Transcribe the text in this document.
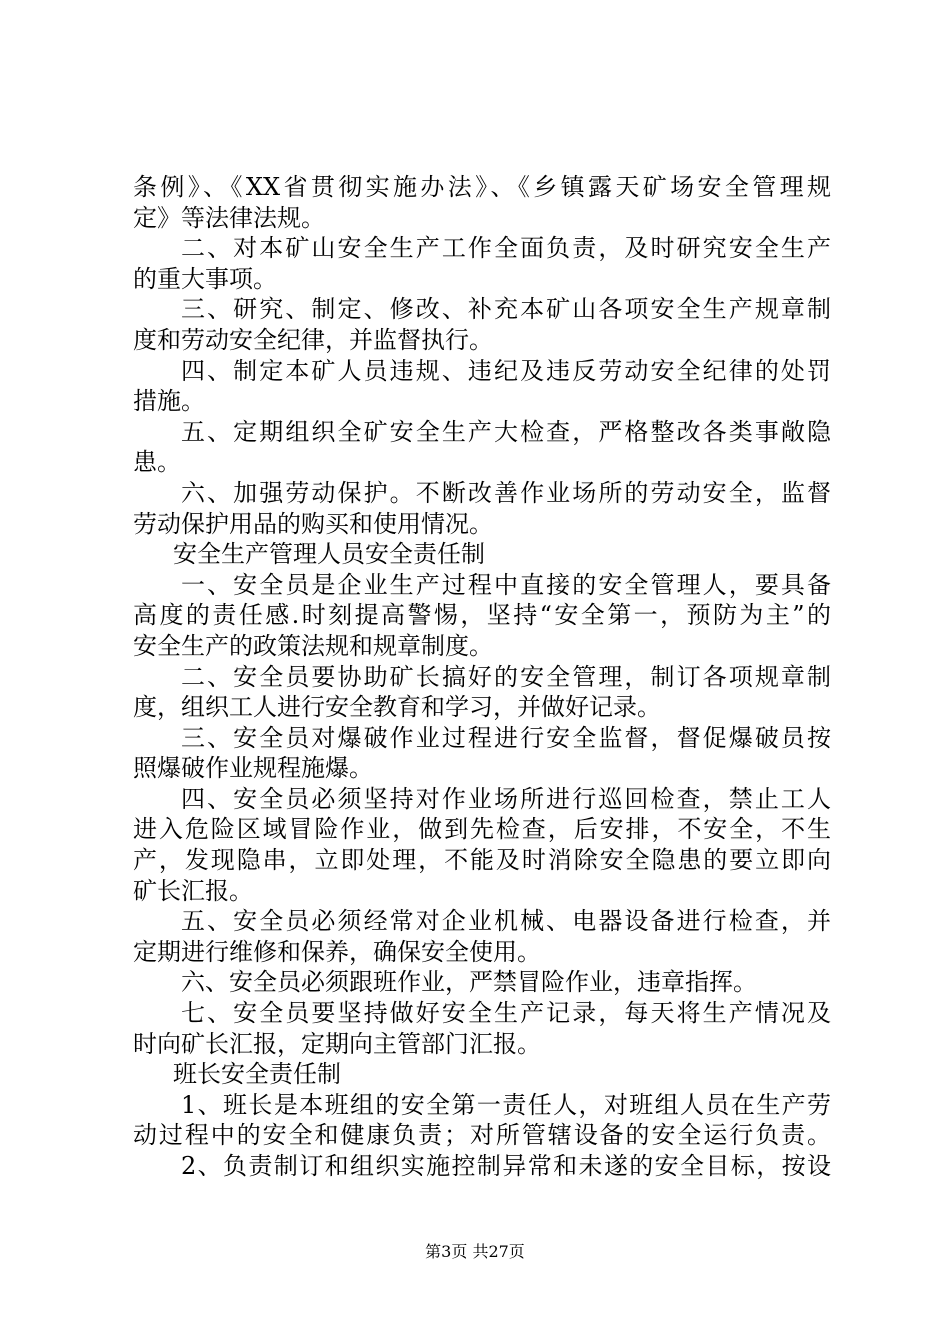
条例》、《XX省贯彻实施办法》、《乡镇露天矿场安全管理规
定》等法律法规。
二、对本矿山安全生产工作全面负责，及时研究安全生产
的重大事项。
三、研究、制定、修改、补充本矿山各项安全生产规章制
度和劳动安全纪律，并监督执行。
四、制定本矿人员违规、违纪及违反劳动安全纪律的处罚
措施。
五、定期组织全矿安全生产大检查，严格整改各类事敞隐
患。
六、加强劳动保护。不断改善作业场所的劳动安全，监督
劳动保护用品的购买和使用情况。
安全生产管理人员安全责任制
一、安全员是企业生产过程中直接的安全管理人，要具备
高度的责任感.时刻提高警惕，坚持“安全第一，预防为主”的
安全生产的政策法规和规章制度。
二、安全员要协助矿长搞好的安全管理，制订各项规章制
度，组织工人进行安全教育和学习，并做好记录。
三、安全员对爆破作业过程进行安全监督，督促爆破员按
照爆破作业规程施爆。
四、安全员必须坚持对作业场所进行巡回检查，禁止工人
进入危险区域冒险作业，做到先检查，后安排，不安全，不生
产，发现隐串，立即处理，不能及时消除安全隐患的要立即向
矿长汇报。
五、安全员必须经常对企业机械、电器设备进行检查，并
定期进行维修和保养，确保安全使用。
六、安全员必须跟班作业，严禁冒险作业，违章指挥。
七、安全员要坚持做好安全生产记录，每天将生产情况及
时向矿长汇报，定期向主管部门汇报。
班长安全责任制
1、班长是本班组的安全第一责任人，对班组人员在生产劳
动过程中的安全和健康负责；对所管辖设备的安全运行负责。
2、负责制订和组织实施控制异常和未遂的安全目标，按设
第3页 共27页
